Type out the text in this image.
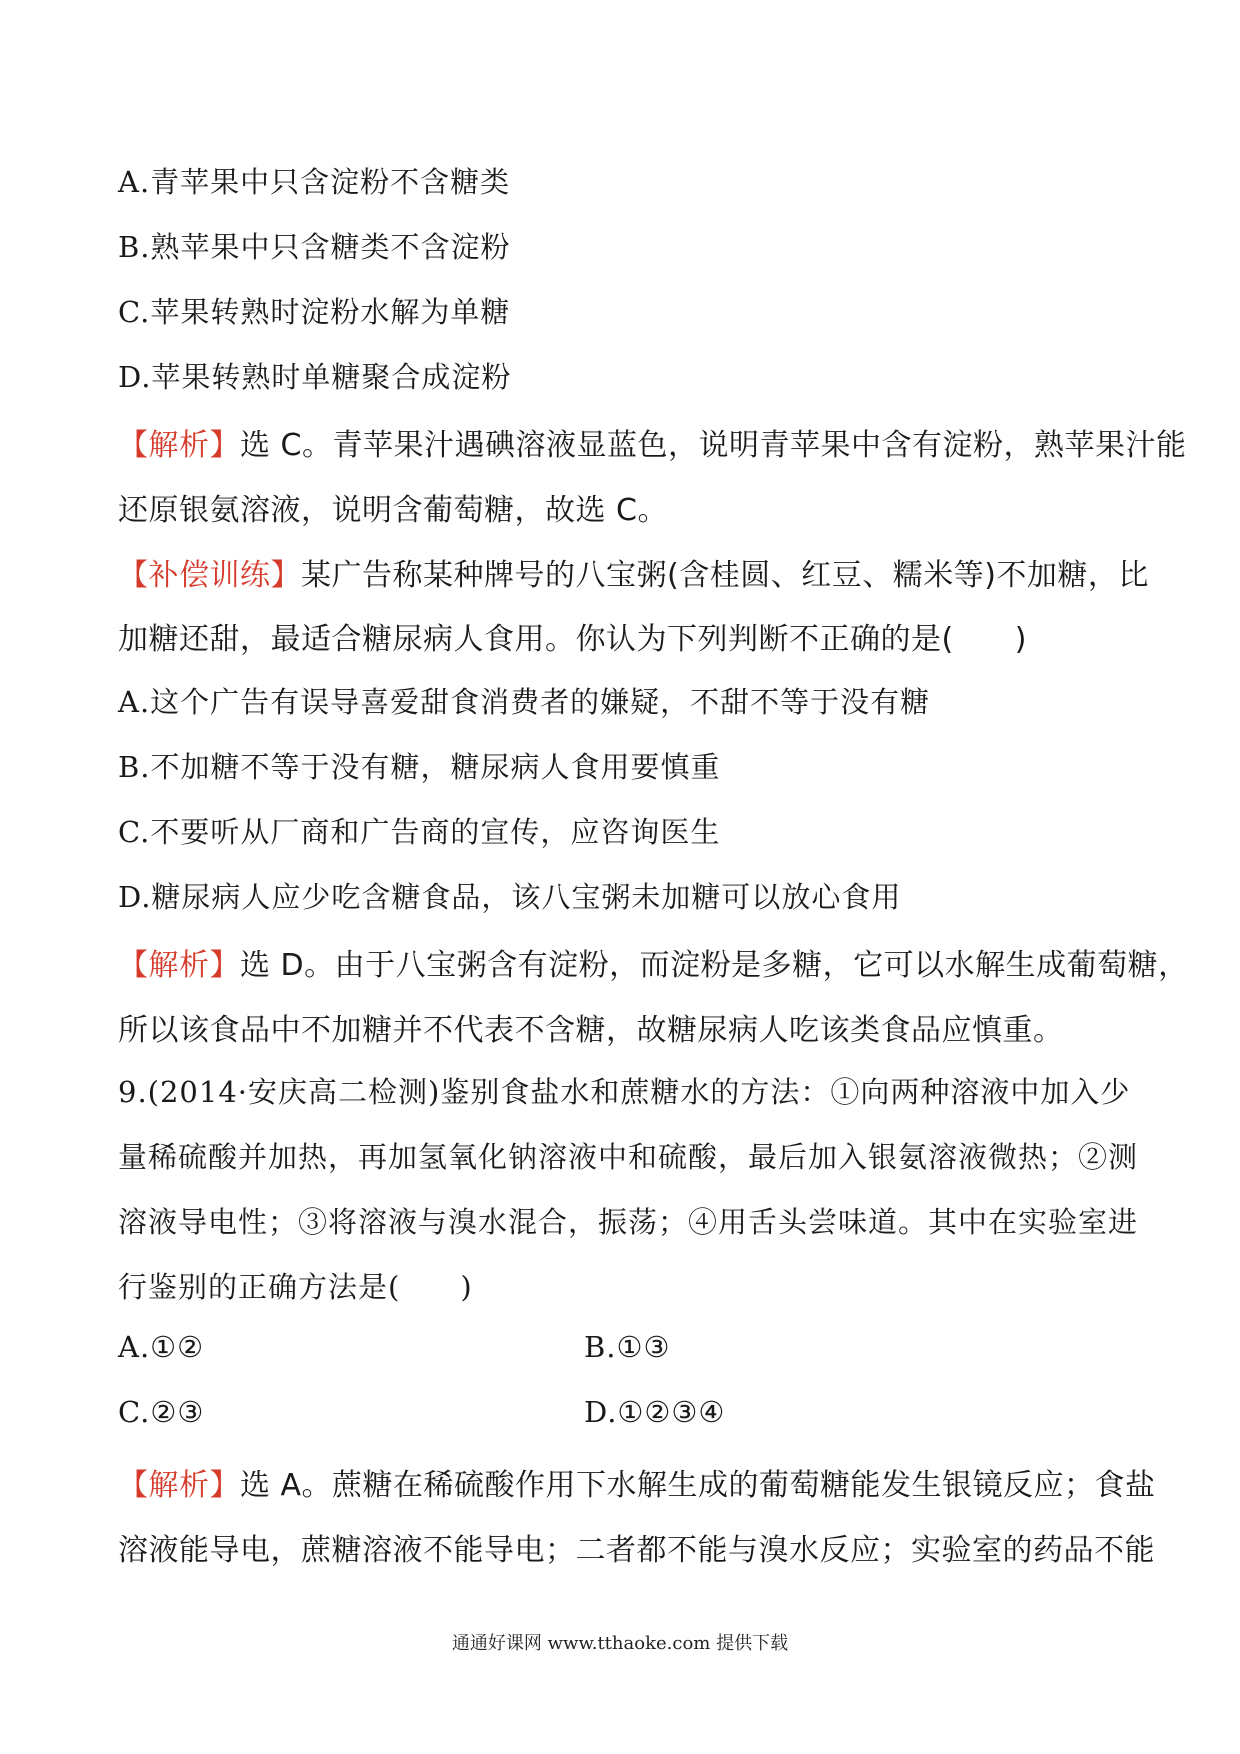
A.青苹果中只含淀粉不含糖类
B.熟苹果中只含糖类不含淀粉
C.苹果转熟时淀粉水解为单糖
D.苹果转熟时单糖聚合成淀粉
【解析】选 C。青苹果汁遇碘溶液显蓝色，说明青苹果中含有淀粉，熟苹果汁能
还原银氨溶液，说明含葡萄糖，故选 C。
【补偿训练】某广告称某种牌号的八宝粥(含桂圆、红豆、糯米等)不加糖，比
加糖还甜，最适合糖尿病人食用。你认为下列判断不正确的是(　　)
A.这个广告有误导喜爱甜食消费者的嫌疑，不甜不等于没有糖
B.不加糖不等于没有糖，糖尿病人食用要慎重
C.不要听从厂商和广告商的宣传，应咨询医生
D.糖尿病人应少吃含糖食品，该八宝粥未加糖可以放心食用
【解析】选 D。由于八宝粥含有淀粉，而淀粉是多糖，它可以水解生成葡萄糖，
所以该食品中不加糖并不代表不含糖，故糖尿病人吃该类食品应慎重。
9.(2014·安庆高二检测)鉴别食盐水和蔗糖水的方法：①向两种溶液中加入少
量稀硫酸并加热，再加氢氧化钠溶液中和硫酸，最后加入银氨溶液微热；②测
溶液导电性；③将溶液与溴水混合，振荡；④用舌头尝味道。其中在实验室进
行鉴别的正确方法是(　　)
A.①②	B.①③
C.②③	D.①②③④
【解析】选 A。蔗糖在稀硫酸作用下水解生成的葡萄糖能发生银镜反应；食盐
溶液能导电，蔗糖溶液不能导电；二者都不能与溴水反应；实验室的药品不能
通通好课网 www.tthaoke.com 提供下载
